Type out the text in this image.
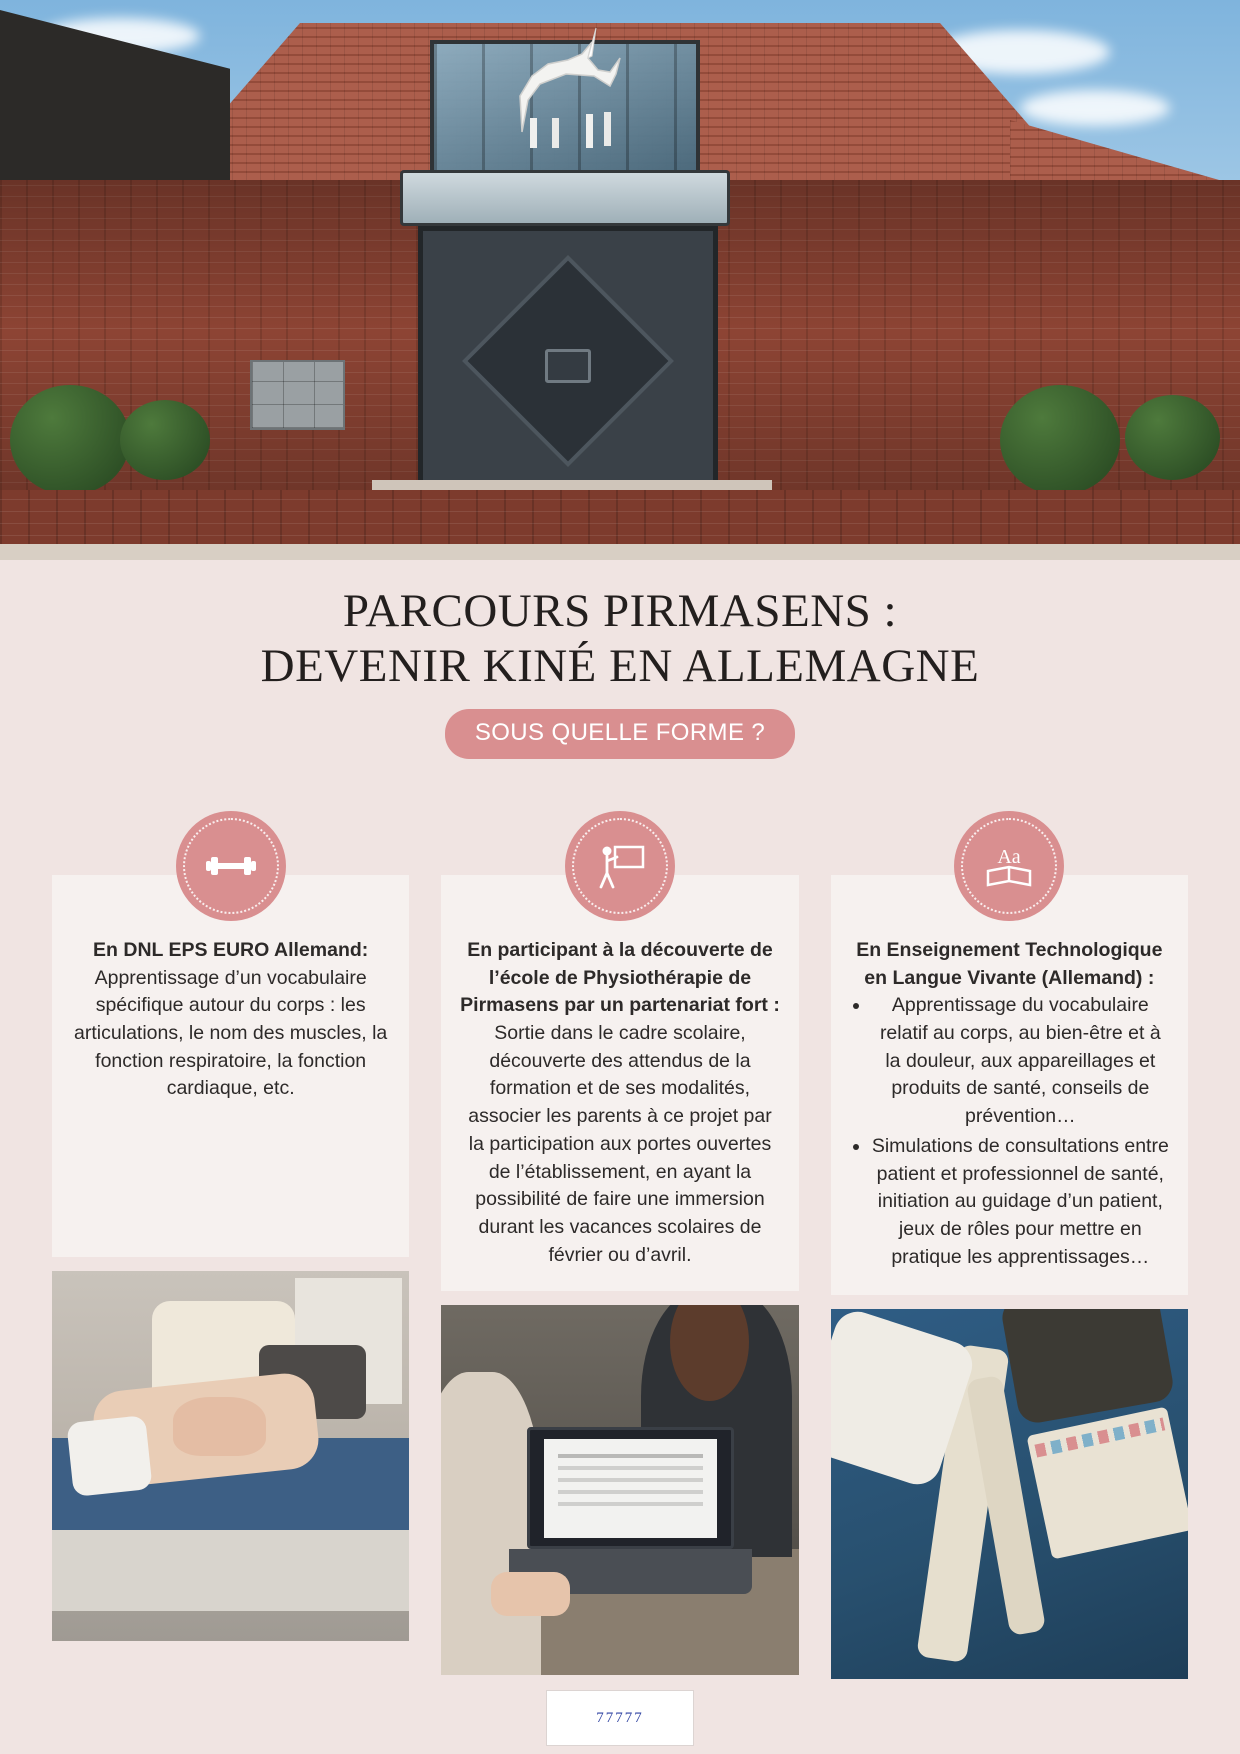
PARCOURS PIRMASENS :
DEVENIR KINÉ EN ALLEMAGNE
SOUS QUELLE FORME ?
En DNL EPS EURO Allemand: Apprentissage d’un vocabulaire spécifique autour du corps : les articulations, le nom des muscles, la fonction respiratoire, la fonction cardiaque, etc.
En participant à la découverte de l’école de Physiothérapie de Pirmasens par un partenariat fort : Sortie dans le cadre scolaire, découverte des attendus de la formation et de ses modalités, associer les parents à ce projet par la participation aux portes ouvertes de l’établissement, en ayant la possibilité de faire une immersion durant les vacances scolaires de février ou d’avril.
Aa
En Enseignement Technologique en Langue Vivante (Allemand) :
• Apprentissage du vocabulaire relatif au corps, au bien-être et à la douleur, aux appareillages et produits de santé, conseils de prévention…
• Simulations de consultations entre patient et professionnel de santé, initiation au guidage d’un patient, jeux de rôles pour mettre en pratique les apprentissages…
77777
